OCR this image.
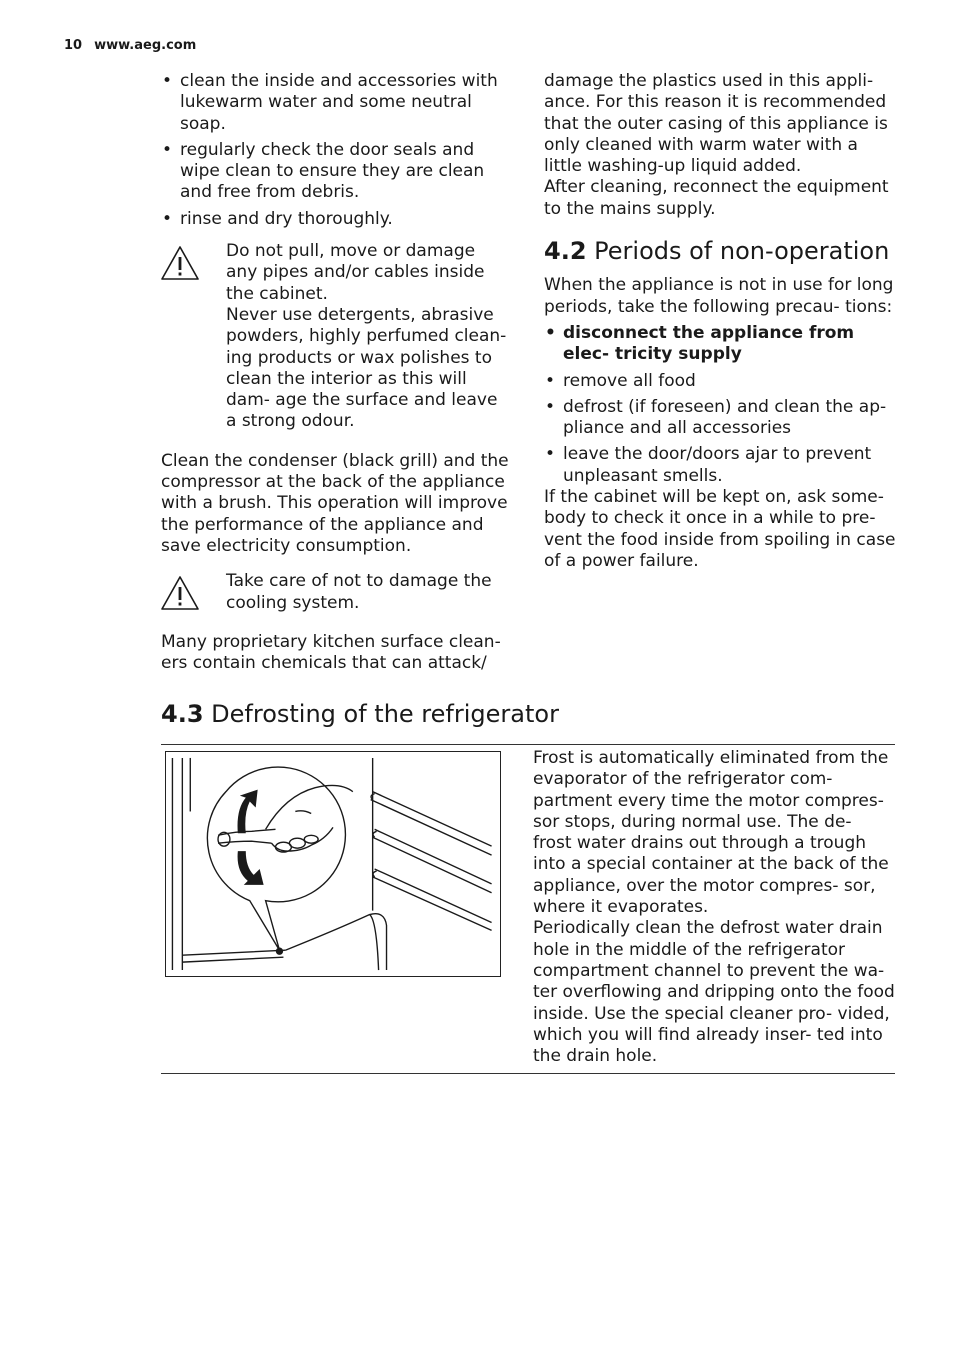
10 www.aeg.com
• clean the inside and accessories with lukewarm water and some neutral soap.
• regularly check the door seals and wipe clean to ensure they are clean and free from debris.
• rinse and dry thoroughly.

Do not pull, move or damage any pipes and/or cables inside the cabinet.

Never use detergents, abrasive powders, highly perfumed clean- ing products or wax polishes to clean the interior as this will dam- age the surface and leave a strong odour.

Clean the condenser (black grill) and the compressor at the back of the appliance with a brush. This operation will improve the performance of the appliance and save electricity consumption.

Take care of not to damage the cooling system.

Many proprietary kitchen surface clean- ers contain chemicals that can attack/

damage the plastics used in this appli- ance. For this reason it is recommended that the outer casing of this appliance is only cleaned with warm water with a little washing-up liquid added.

After cleaning, reconnect the equipment to the mains supply.

4.2 Periods of non-operation

When the appliance is not in use for long periods, take the following precau- tions:

• disconnect the appliance from elec- tricity supply
• remove all food
• defrost (if foreseen) and clean the ap- pliance and all accessories
• leave the door/doors ajar to prevent unpleasant smells.

If the cabinet will be kept on, ask some- body to check it once in a while to pre- vent the food inside from spoiling in case of a power failure.

4.3 Defrosting of the refrigerator

Frost is automatically eliminated from the evaporator of the refrigerator com- partment every time the motor compres- sor stops, during normal use. The de- frost water drains out through a trough into a special container at the back of the appliance, over the motor compres- sor, where it evaporates.

Periodically clean the defrost water drain hole in the middle of the refrigerator compartment channel to prevent the wa- ter overflowing and dripping onto the food inside. Use the special cleaner pro- vided, which you will find already inser- ted into the drain hole.
